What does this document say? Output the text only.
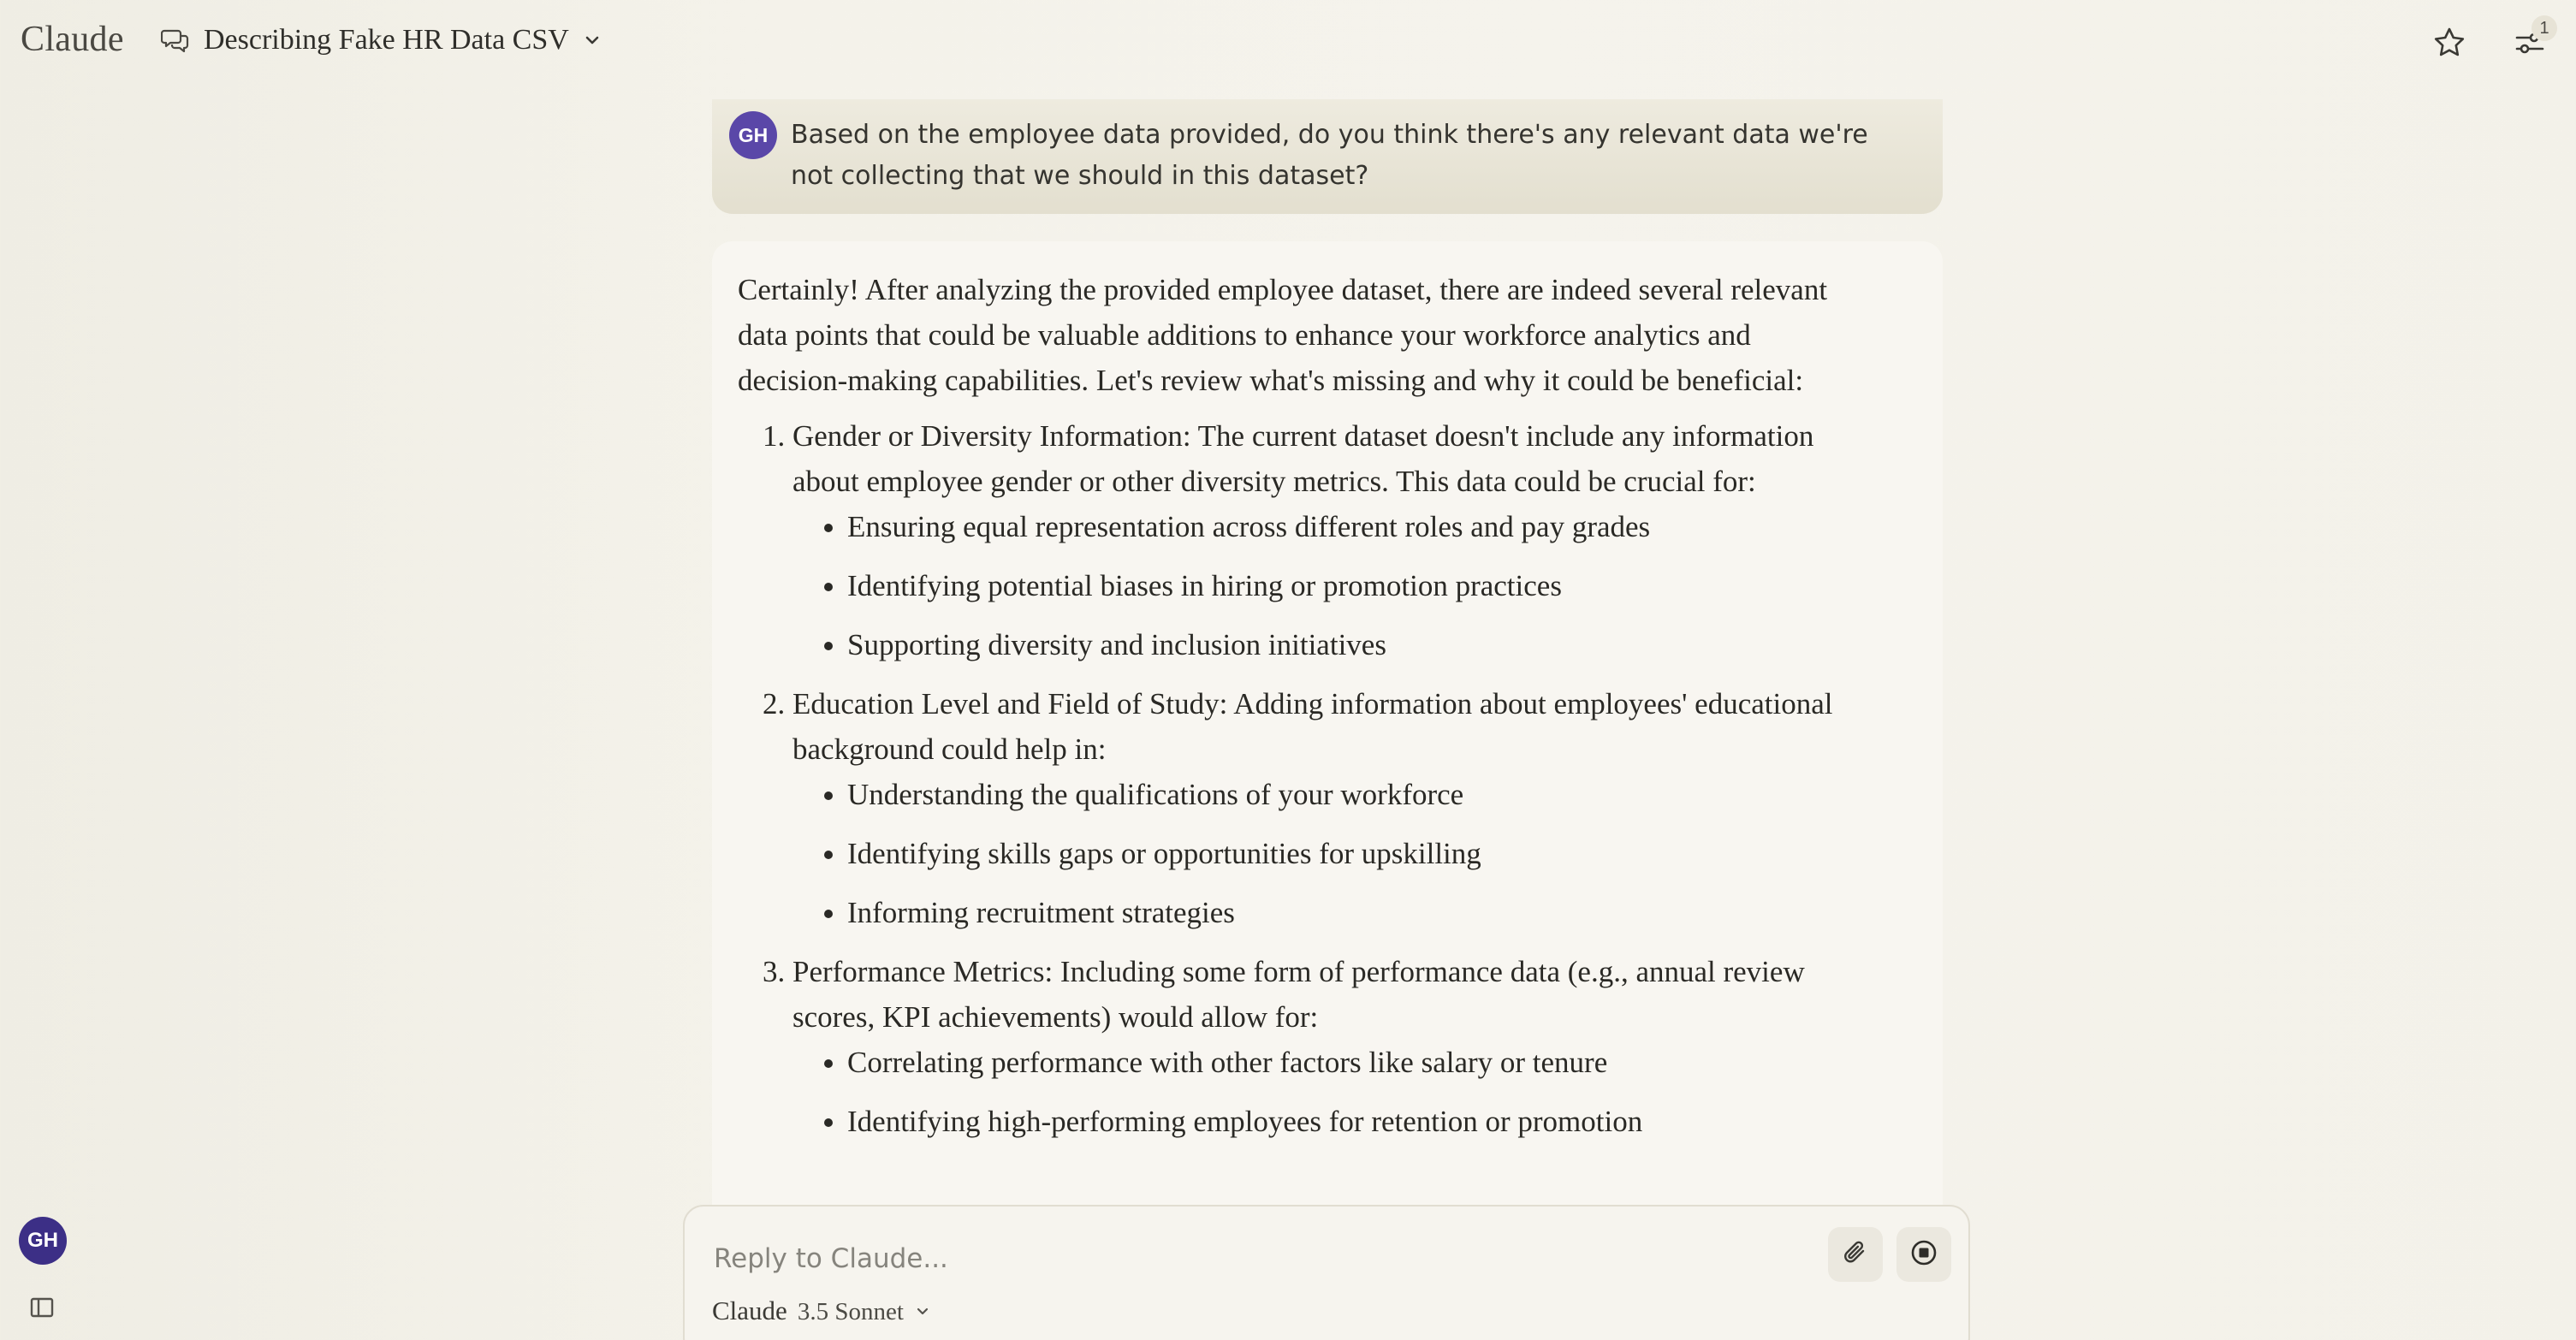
Claude	Describing Fake HR Data CSV	1
GH
GH Based on the employee data provided, do you think there's any relevant data we're not collecting that we should in this dataset?

Certainly! After analyzing the provided employee dataset, there are indeed several relevant data points that could be valuable additions to enhance your workforce analytics and decision-making capabilities. Let's review what's missing and why it could be beneficial:

1. Gender or Diversity Information: The current dataset doesn't include any information about employee gender or other diversity metrics. This data could be crucial for:
• Ensuring equal representation across different roles and pay grades
• Identifying potential biases in hiring or promotion practices
• Supporting diversity and inclusion initiatives
2. Education Level and Field of Study: Adding information about employees' educational background could help in:
• Understanding the qualifications of your workforce
• Identifying skills gaps or opportunities for upskilling
• Informing recruitment strategies
3. Performance Metrics: Including some form of performance data (e.g., annual review scores, KPI achievements) would allow for:
• Correlating performance with other factors like salary or tenure
• Identifying high-performing employees for retention or promotion
Reply to Claude...
Claude 3.5 Sonnet
